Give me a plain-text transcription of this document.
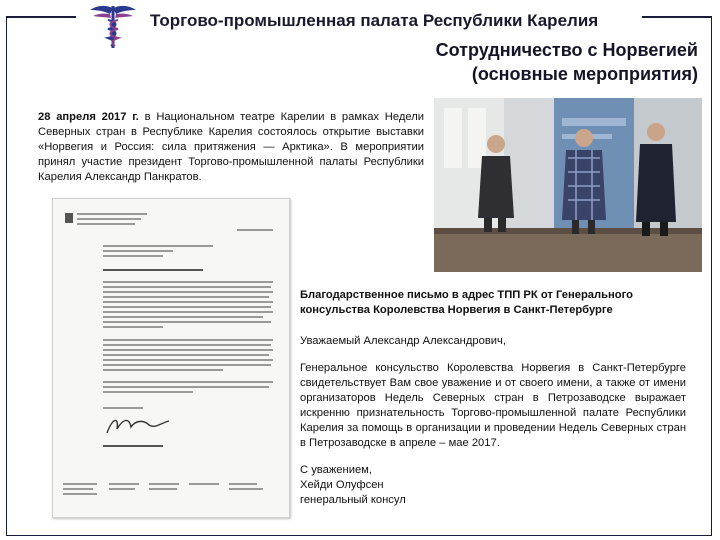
Торгово-промышленная палата Республики Карелия
Сотрудничество с Норвегией
(основные мероприятия)
28 апреля 2017 г. в Национальном театре Карелии в рамках Недели Северных стран в Республике Карелия состоялось открытие выставки «Норвегия и Россия: сила притяжения — Арктика». В мероприятии принял участие президент Торгово-промышленной палаты Республики Карелия Александр Панкратов.

Благодарственное письмо в адрес ТПП РК от Генерального консульства Королевства Норвегия в Санкт-Петербурге

Уважаемый Александр Александрович,

Генеральное консульство Королевства Норвегия в Санкт-Петербурге свидетельствует Вам свое уважение и от своего имени, а также от имени организаторов Недель Северных стран в Петрозаводске выражает искренню признательность Торгово-промышленной палате Республики Карелия за помощь в организации и проведении Недель Северных стран в Петрозаводске в апреле – мае 2017.

С уважением,

Хейди Олуфсен

генеральный консул
